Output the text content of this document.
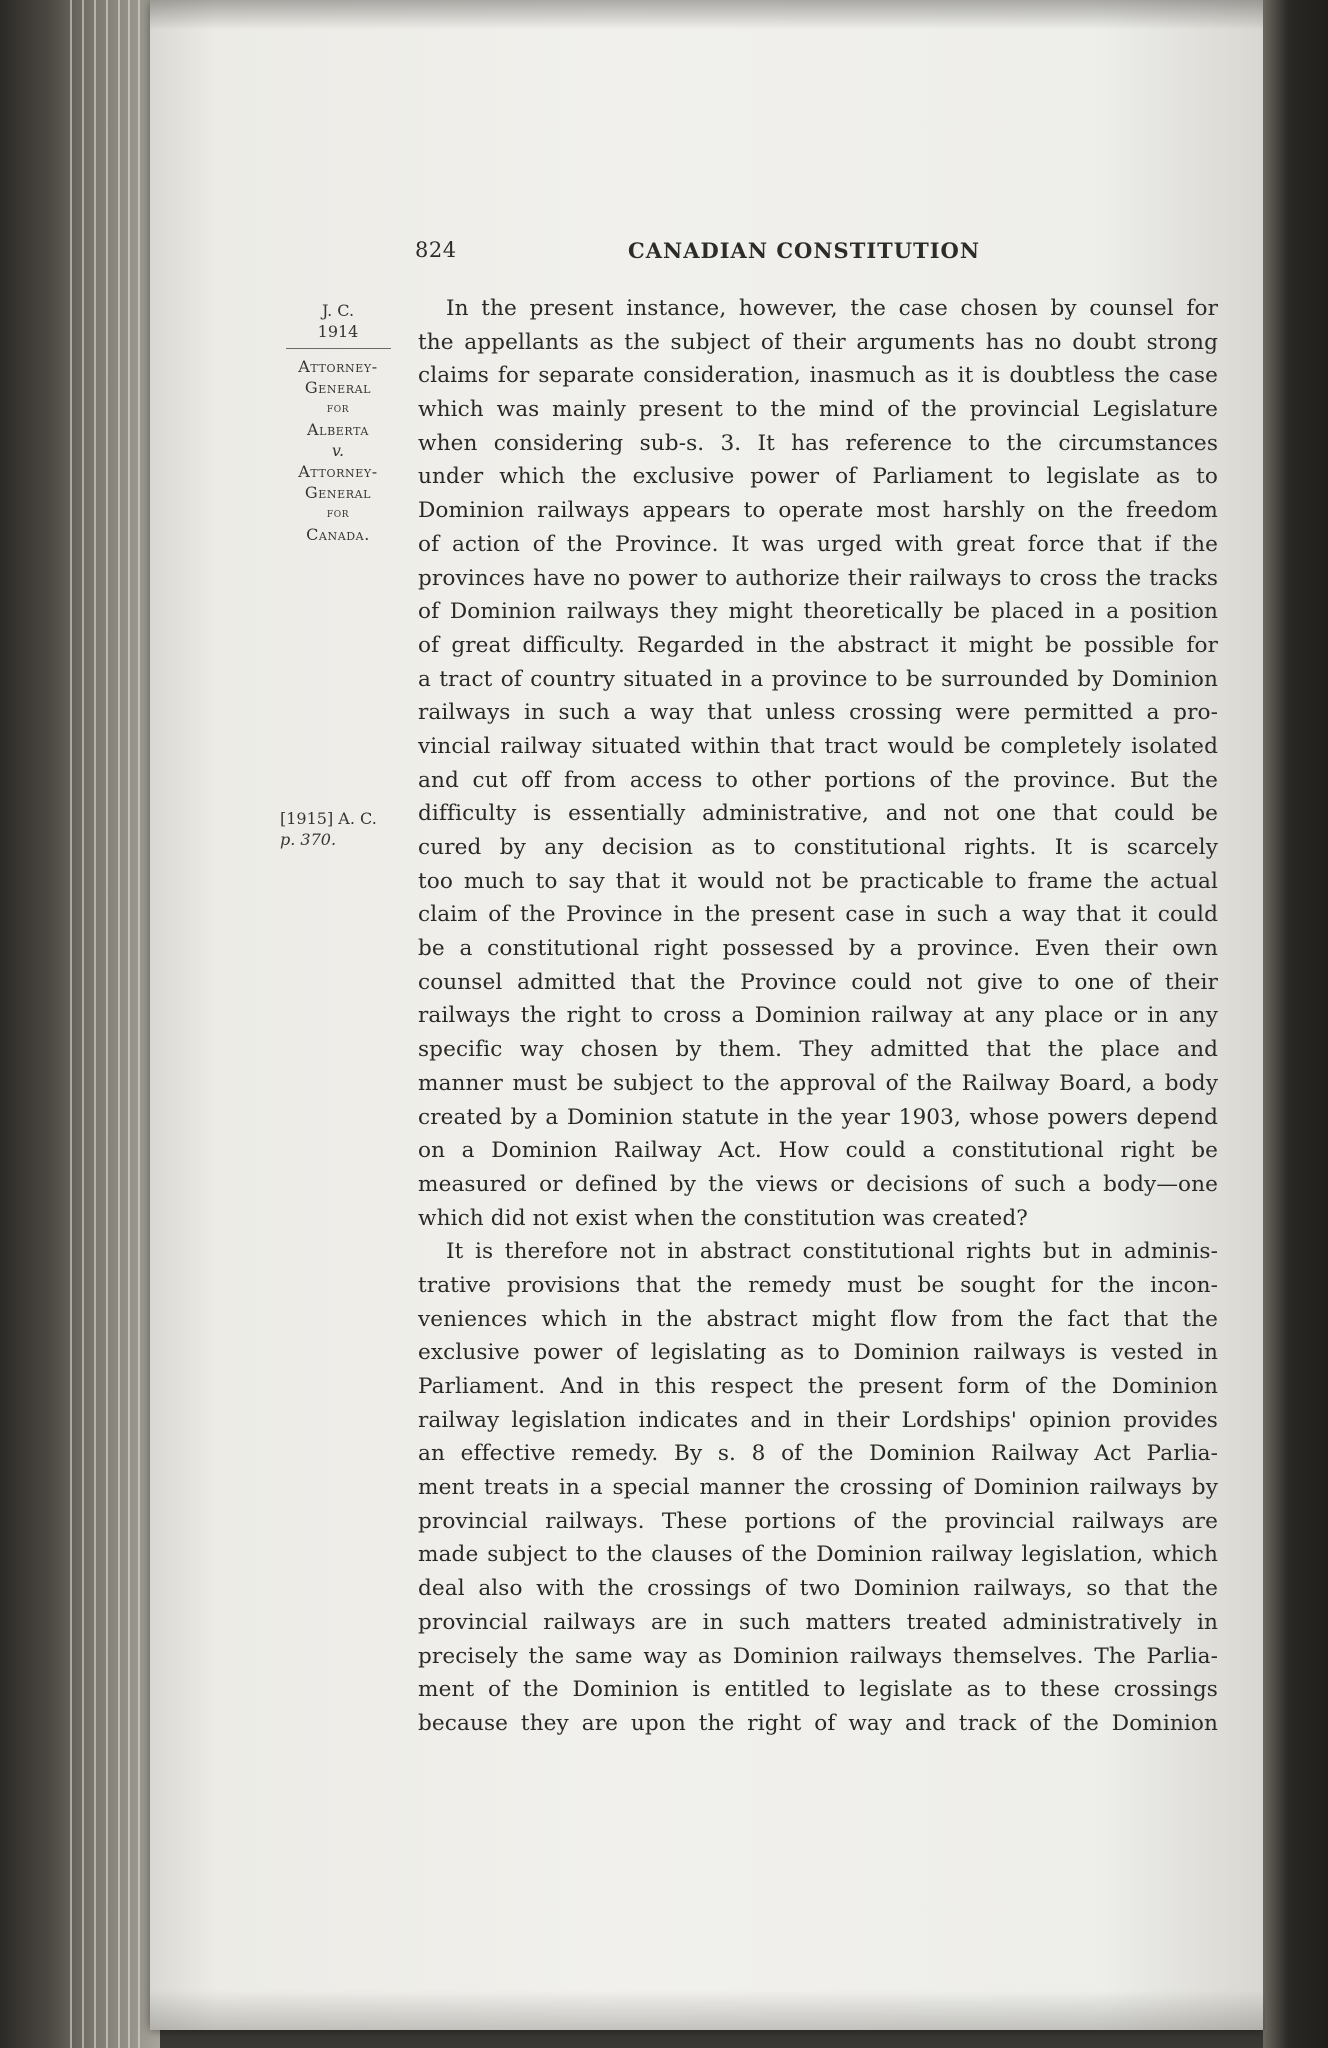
824	CANADIAN CONSTITUTION
J. C.
1914
Attorney-
General
for
Alberta
v.
Attorney-
General
for
Canada.
[1915] A. C.
p. 370.
In the present instance, however, the case chosen by counsel for
the appellants as the subject of their arguments has no doubt strong
claims for separate consideration, inasmuch as it is doubtless the case
which was mainly present to the mind of the provincial Legislature
when considering sub-s. 3. It has reference to the circumstances
under which the exclusive power of Parliament to legislate as to
Dominion railways appears to operate most harshly on the freedom
of action of the Province. It was urged with great force that if the
provinces have no power to authorize their railways to cross the tracks
of Dominion railways they might theoretically be placed in a position
of great difficulty. Regarded in the abstract it might be possible for
a tract of country situated in a province to be surrounded by Dominion
railways in such a way that unless crossing were permitted a pro-
vincial railway situated within that tract would be completely isolated
and cut off from access to other portions of the province. But the
difficulty is essentially administrative, and not one that could be
cured by any decision as to constitutional rights. It is scarcely
too much to say that it would not be practicable to frame the actual
claim of the Province in the present case in such a way that it could
be a constitutional right possessed by a province. Even their own
counsel admitted that the Province could not give to one of their
railways the right to cross a Dominion railway at any place or in any
specific way chosen by them. They admitted that the place and
manner must be subject to the approval of the Railway Board, a body
created by a Dominion statute in the year 1903, whose powers depend
on a Dominion Railway Act. How could a constitutional right be
measured or defined by the views or decisions of such a body—one
which did not exist when the constitution was created?
It is therefore not in abstract constitutional rights but in adminis-
trative provisions that the remedy must be sought for the incon-
veniences which in the abstract might flow from the fact that the
exclusive power of legislating as to Dominion railways is vested in
Parliament. And in this respect the present form of the Dominion
railway legislation indicates and in their Lordships' opinion provides
an effective remedy. By s. 8 of the Dominion Railway Act Parlia-
ment treats in a special manner the crossing of Dominion railways by
provincial railways. These portions of the provincial railways are
made subject to the clauses of the Dominion railway legislation, which
deal also with the crossings of two Dominion railways, so that the
provincial railways are in such matters treated administratively in
precisely the same way as Dominion railways themselves. The Parlia-
ment of the Dominion is entitled to legislate as to these crossings
because they are upon the right of way and track of the Dominion
